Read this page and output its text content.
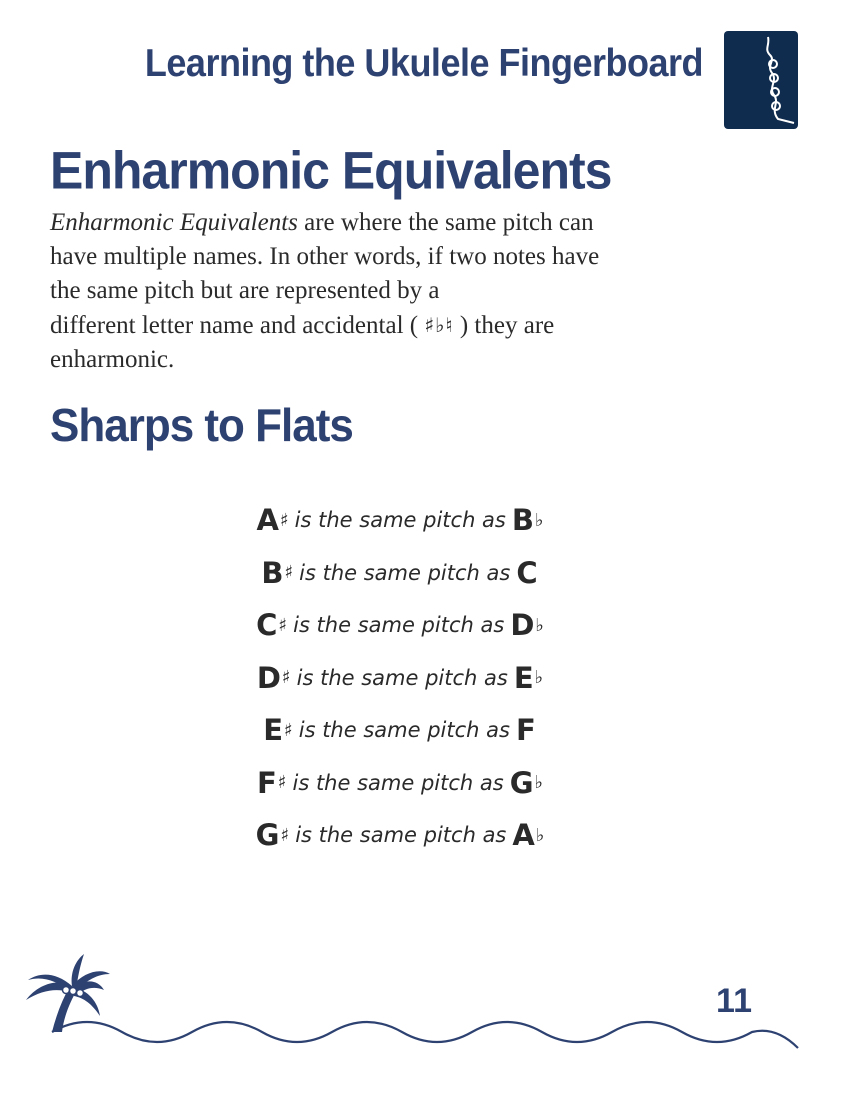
Learning the Ukulele Fingerboard
Enharmonic Equivalents
Enharmonic Equivalents are where the same pitch can
have multiple names. In other words, if two notes have
the same pitch but are represented by a
different letter name and accidental ( ♯♭♮ ) they are
enharmonic.
Sharps to Flats
A ♯ is the same pitch as B ♭
B ♯ is the same pitch as C
C ♯ is the same pitch as D ♭
D ♯ is the same pitch as E ♭
E ♯ is the same pitch as F
F ♯ is the same pitch as G ♭
G ♯ is the same pitch as A ♭
11
